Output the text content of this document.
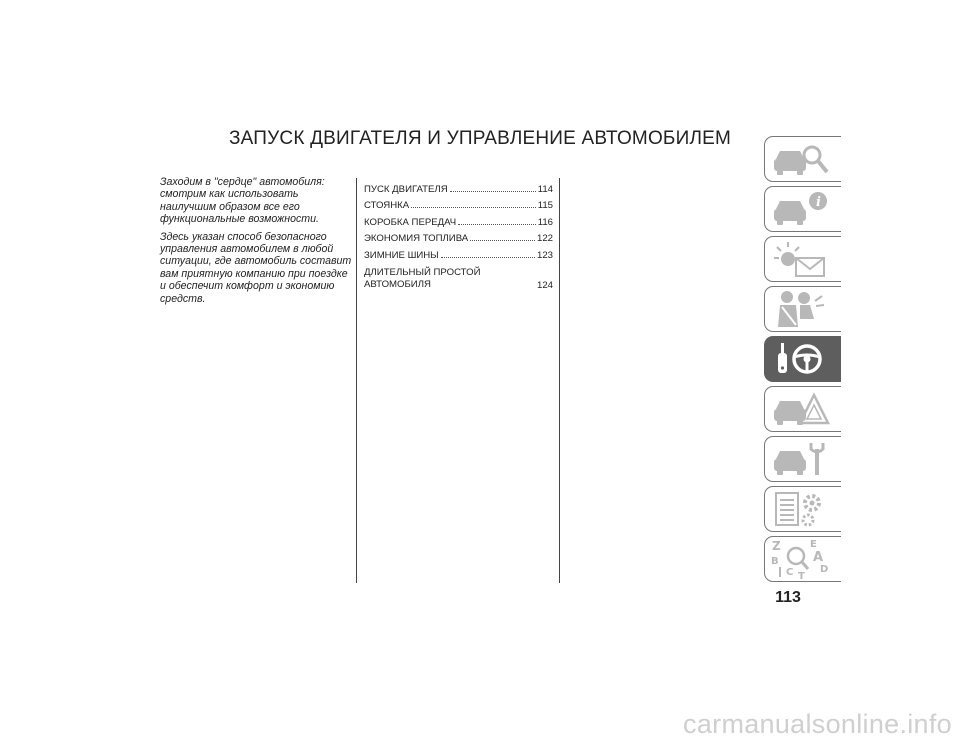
ЗАПУСК ДВИГАТЕЛЯ И УПРАВЛЕНИЕ АВТОМОБИЛЕМ

Заходим в "сердце" автомобиля: смотрим как использовать наилучшим образом все его функциональные возможности.

Здесь указан способ безопасного управления автомобилем в любой ситуации, где автомобиль составит вам приятную компанию при поездке и обеспечит комфорт и экономию средств.

ПУСК ДВИГАТЕЛЯ	114
СТОЯНКА	115
КОРОБКА ПЕРЕДАЧ	116
ЭКОНОМИЯ ТОПЛИВА	122
ЗИМНИЕ ШИНЫ	123
ДЛИТЕЛЬНЫЙ ПРОСТОЙ АВТОМОБИЛЯ	124
i
Z	E
B	A
D
C T
113
carmanualsonline.info
